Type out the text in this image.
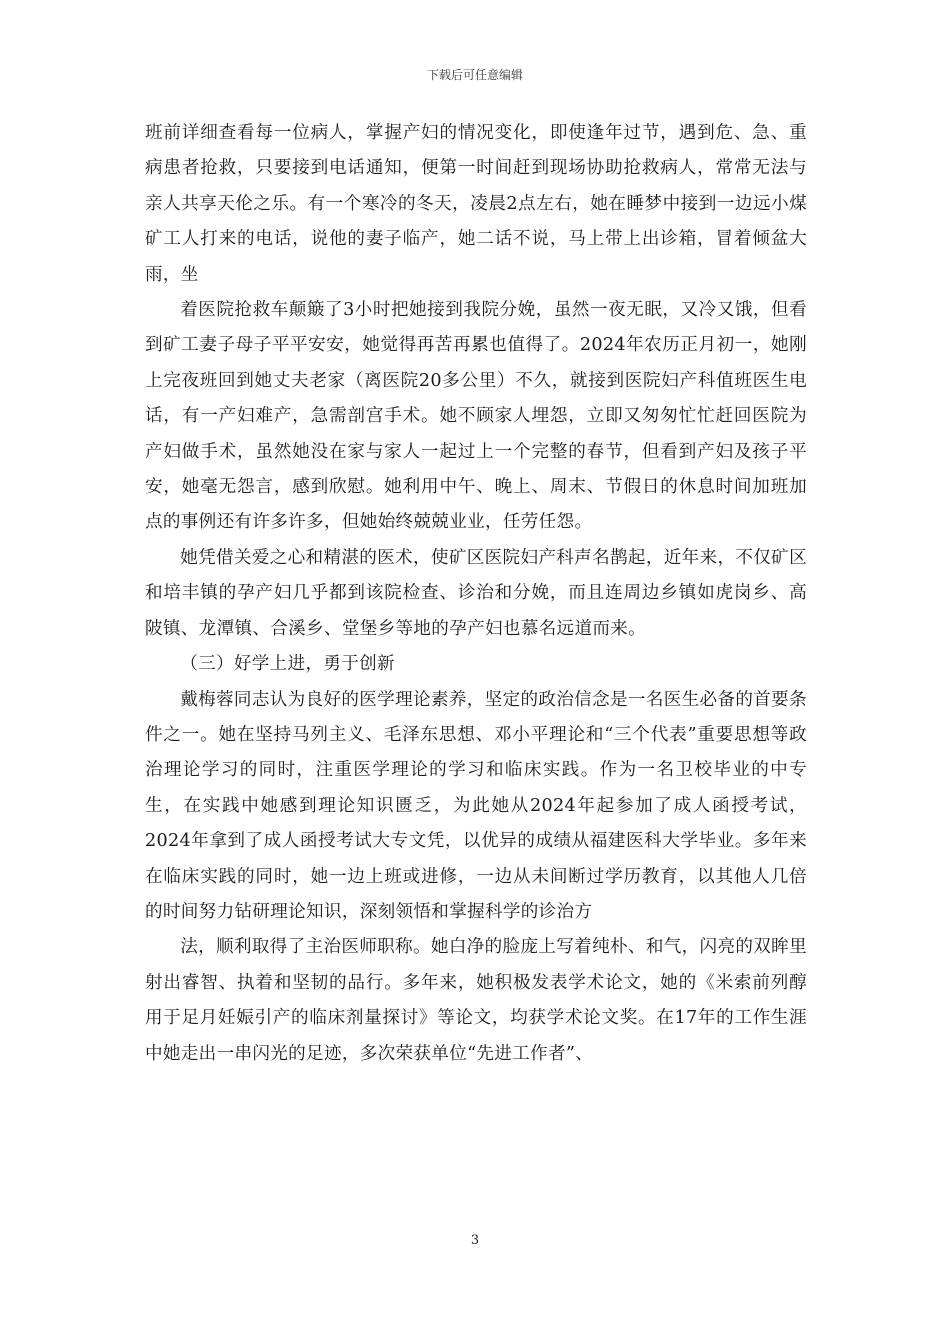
下载后可任意编辑

班前详细查看每一位病人，掌握产妇的情况变化，即使逢年过节，遇到危、急、重病患者抢救，只要接到电话通知，便第一时间赶到现场协助抢救病人，常常无法与亲人共享天伦之乐。有一个寒冷的冬天，凌晨2点左右，她在睡梦中接到一边远小煤矿工人打来的电话，说他的妻子临产，她二话不说，马上带上出诊箱，冒着倾盆大雨，坐

着医院抢救车颠簸了3小时把她接到我院分娩，虽然一夜无眠，又冷又饿，但看到矿工妻子母子平平安安，她觉得再苦再累也值得了。2024年农历正月初一，她刚上完夜班回到她丈夫老家（离医院20多公里）不久，就接到医院妇产科值班医生电话，有一产妇难产，急需剖宫手术。她不顾家人埋怨，立即又匆匆忙忙赶回医院为产妇做手术，虽然她没在家与家人一起过上一个完整的春节，但看到产妇及孩子平安，她毫无怨言，感到欣慰。她利用中午、晚上、周末、节假日的休息时间加班加点的事例还有许多许多，但她始终兢兢业业，任劳任怨。

她凭借关爱之心和精湛的医术，使矿区医院妇产科声名鹊起，近年来，不仅矿区和培丰镇的孕产妇几乎都到该院检查、诊治和分娩，而且连周边乡镇如虎岗乡、高陂镇、龙潭镇、合溪乡、堂堡乡等地的孕产妇也慕名远道而来。

（三）好学上进，勇于创新

戴梅蓉同志认为良好的医学理论素养，坚定的政治信念是一名医生必备的首要条件之一。她在坚持马列主义、毛泽东思想、邓小平理论和“三个代表”重要思想等政治理论学习的同时，注重医学理论的学习和临床实践。作为一名卫校毕业的中专生，在实践中她感到理论知识匮乏，为此她从2024年起参加了成人函授考试，2024年拿到了成人函授考试大专文凭，以优异的成绩从福建医科大学毕业。多年来在临床实践的同时，她一边上班或进修，一边从未间断过学历教育，以其他人几倍的时间努力钻研理论知识，深刻领悟和掌握科学的诊治方

法，顺利取得了主治医师职称。她白净的脸庞上写着纯朴、和气，闪亮的双眸里射出睿智、执着和坚韧的品行。多年来，她积极发表学术论文，她的《米索前列醇用于足月妊娠引产的临床剂量探讨》等论文，均获学术论文奖。在17年的工作生涯中她走出一串闪光的足迹，多次荣获单位“先进工作者”、

3
